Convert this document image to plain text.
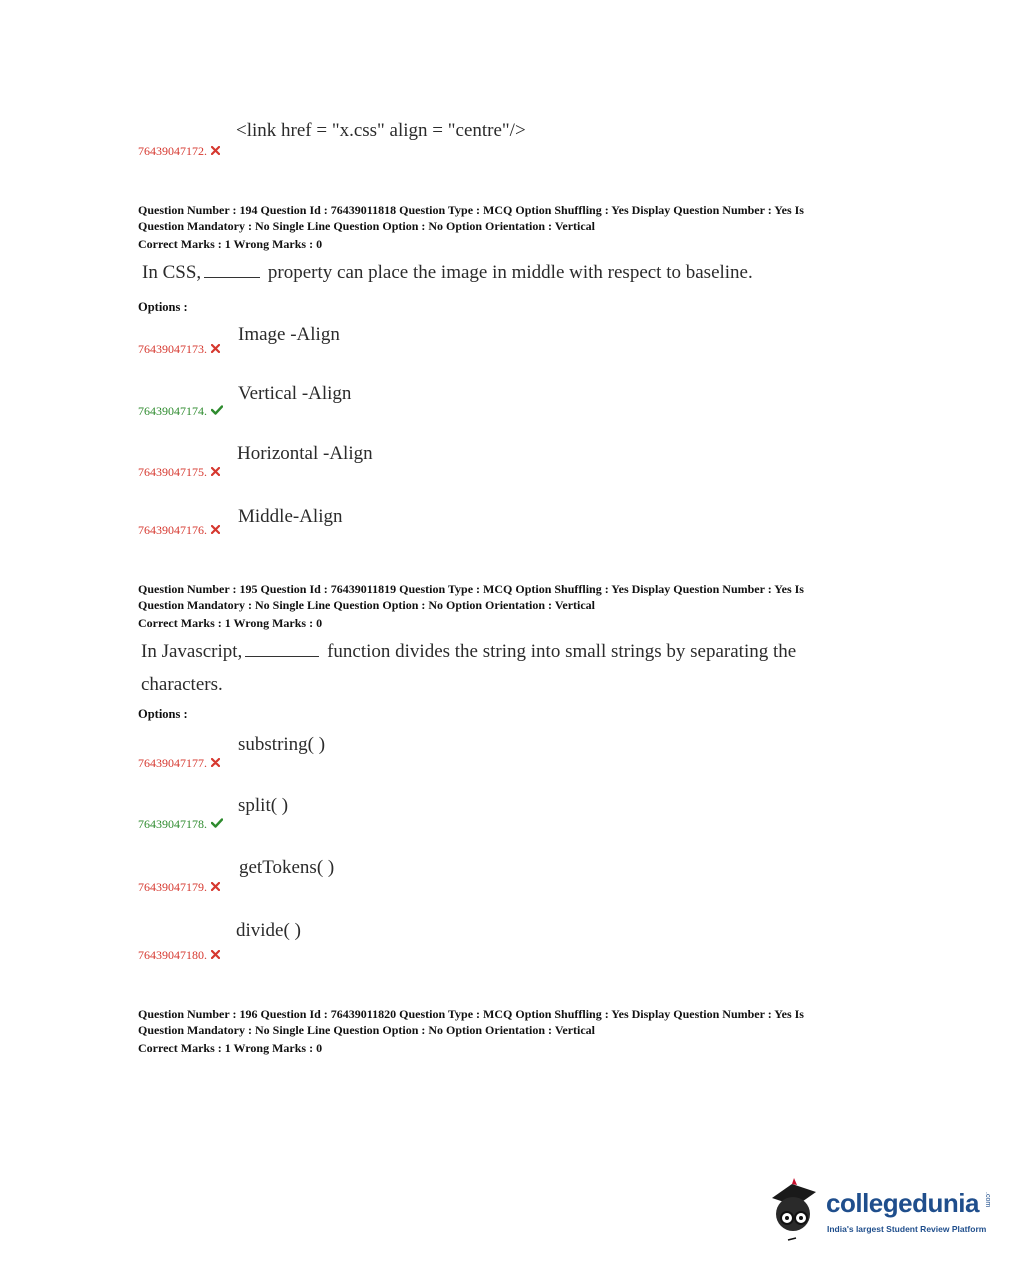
<link href = "x.css" align = "centre"/>
76439047172.
Question Number : 194 Question Id : 76439011818 Question Type : MCQ Option Shuffling : Yes Display Question Number : Yes Is
Question Mandatory : No Single Line Question Option : No Option Orientation : Vertical
Correct Marks : 1 Wrong Marks : 0
In CSS,	property can place the image in middle with respect to baseline.
Options :
Image -Align
76439047173.
Vertical -Align
76439047174.
Horizontal -Align
76439047175.
Middle-Align
76439047176.
Question Number : 195 Question Id : 76439011819 Question Type : MCQ Option Shuffling : Yes Display Question Number : Yes Is
Question Mandatory : No Single Line Question Option : No Option Orientation : Vertical
Correct Marks : 1 Wrong Marks : 0
In Javascript,	function divides the string into small strings by separating the
characters.
Options :
substring( )
76439047177.
split( )
76439047178.
getTokens( )
76439047179.
divide( )
76439047180.
Question Number : 196 Question Id : 76439011820 Question Type : MCQ Option Shuffling : Yes Display Question Number : Yes Is
Question Mandatory : No Single Line Question Option : No Option Orientation : Vertical
Correct Marks : 1 Wrong Marks : 0
collegedunia .com
India's largest Student Review Platform
